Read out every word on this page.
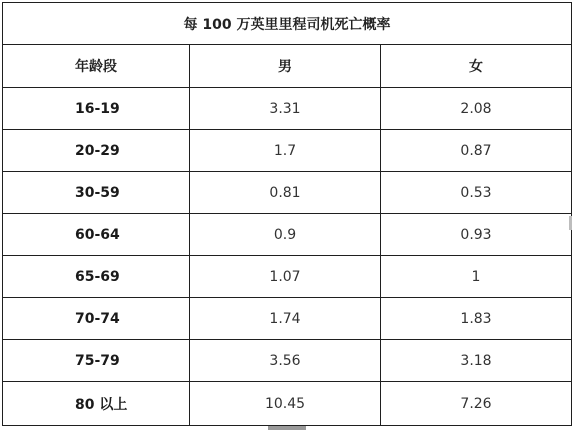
每 100 万英里里程司机死亡概率		
年龄段	男	女
16-19	3.31	2.08
20-29	1.7	0.87
30-59	0.81	0.53
60-64	0.9	0.93
65-69	1.07	1
70-74	1.74	1.83
75-79	3.56	3.18
80 以上	10.45	7.26
